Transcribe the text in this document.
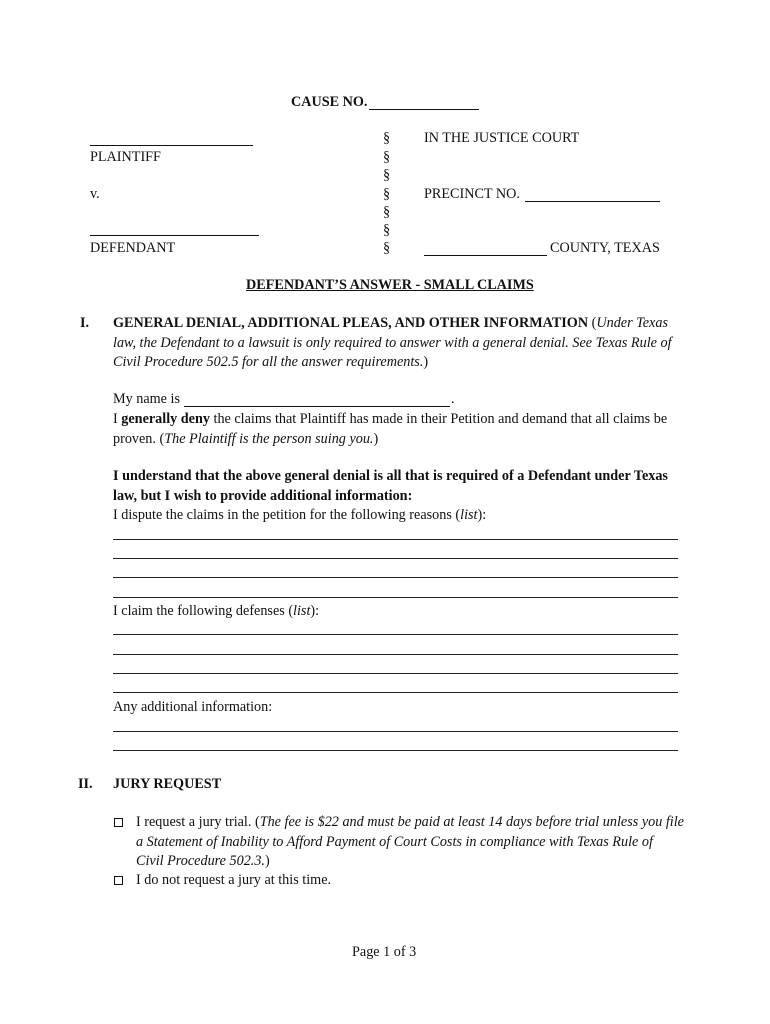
CAUSE NO.
PLAINTIFF
v.
DEFENDANT
§
§
§
§
§
§
§
IN THE JUSTICE COURT
PRECINCT NO.
COUNTY, TEXAS
DEFENDANT’S ANSWER - SMALL CLAIMS
I. GENERAL DENIAL, ADDITIONAL PLEAS, AND OTHER INFORMATION (Under Texas law, the Defendant to a lawsuit is only required to answer with a general denial. See Texas Rule of Civil Procedure 502.5 for all the answer requirements.)
My name is	.
I generally deny the claims that Plaintiff has made in their Petition and demand that all claims be proven. (The Plaintiff is the person suing you.)
I understand that the above general denial is all that is required of a Defendant under Texas law, but I wish to provide additional information:
I dispute the claims in the petition for the following reasons (list):
I claim the following defenses (list):
Any additional information:
II. JURY REQUEST
I request a jury trial. (The fee is $22 and must be paid at least 14 days before trial unless you file a Statement of Inability to Afford Payment of Court Costs in compliance with Texas Rule of Civil Procedure 502.3.)
I do not request a jury at this time.
Page 1 of 3
